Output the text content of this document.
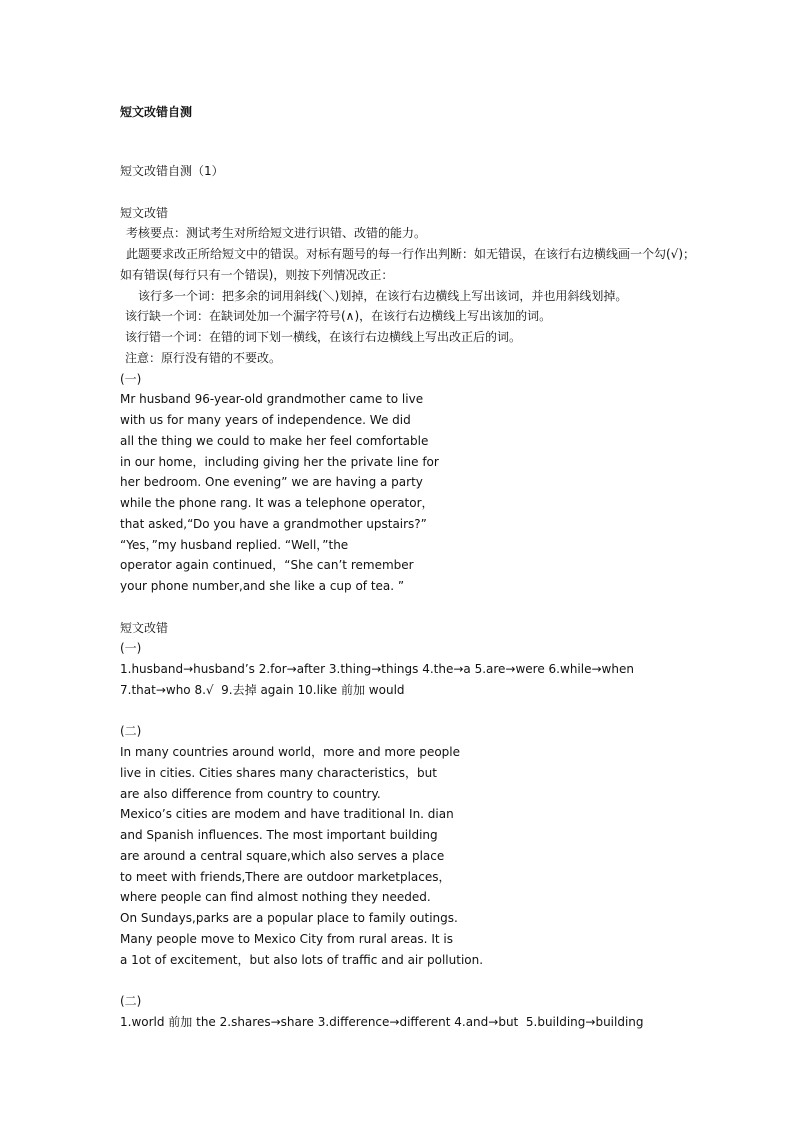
短文改错自测
短文改错自测（1）
短文改错
考核要点：测试考生对所给短文进行识错、改错的能力。
此题要求改正所给短文中的错误。对标有题号的每一行作出判断：如无错误，在该行右边横线画一个勾(√)；
如有错误(每行只有一个错误)，则按下列情况改正：
该行多一个词：把多余的词用斜线(＼)划掉，在该行右边横线上写出该词，并也用斜线划掉。
该行缺一个词：在缺词处加一个漏字符号(∧)，在该行右边横线上写出该加的词。
该行错一个词：在错的词下划一横线，在该行右边横线上写出改正后的词。
注意：原行没有错的不要改。
(一)
Mr husband 96-year-old grandmother came to live
with us for many years of independence. We did
all the thing we could to make her feel comfortable
in our home，including giving her the private line for
her bedroom. One evening” we are having a party
while the phone rang. It was a telephone operator，
that asked,“Do you have a grandmother upstairs?”
“Yes，”my husband replied. “Well，”the
operator again continued，“She can’t remember
your phone number,and she like a cup of tea. ”
短文改错
(一)
1.husband→husband’s 2.for→after 3.thing→things 4.the→a 5.are→were 6.while→when
7.that→who 8.√  9.去掉 again 10.like 前加 would
(二)
In many countries around world，more and more people
live in cities. Cities shares many characteristics，but
are also difference from country to country.
Mexico’s cities are modem and have traditional In. dian
and Spanish influences. The most important building
are around a central square,which also serves a place
to meet with friends,There are outdoor marketplaces，
where people can find almost nothing they needed.
On Sundays,parks are a popular place to family outings.
Many people move to Mexico City from rural areas. It is
a 1ot of excitement，but also lots of traffic and air pollution.
(二)
1.world 前加 the 2.shares→share 3.difference→different 4.and→but  5.building→building
